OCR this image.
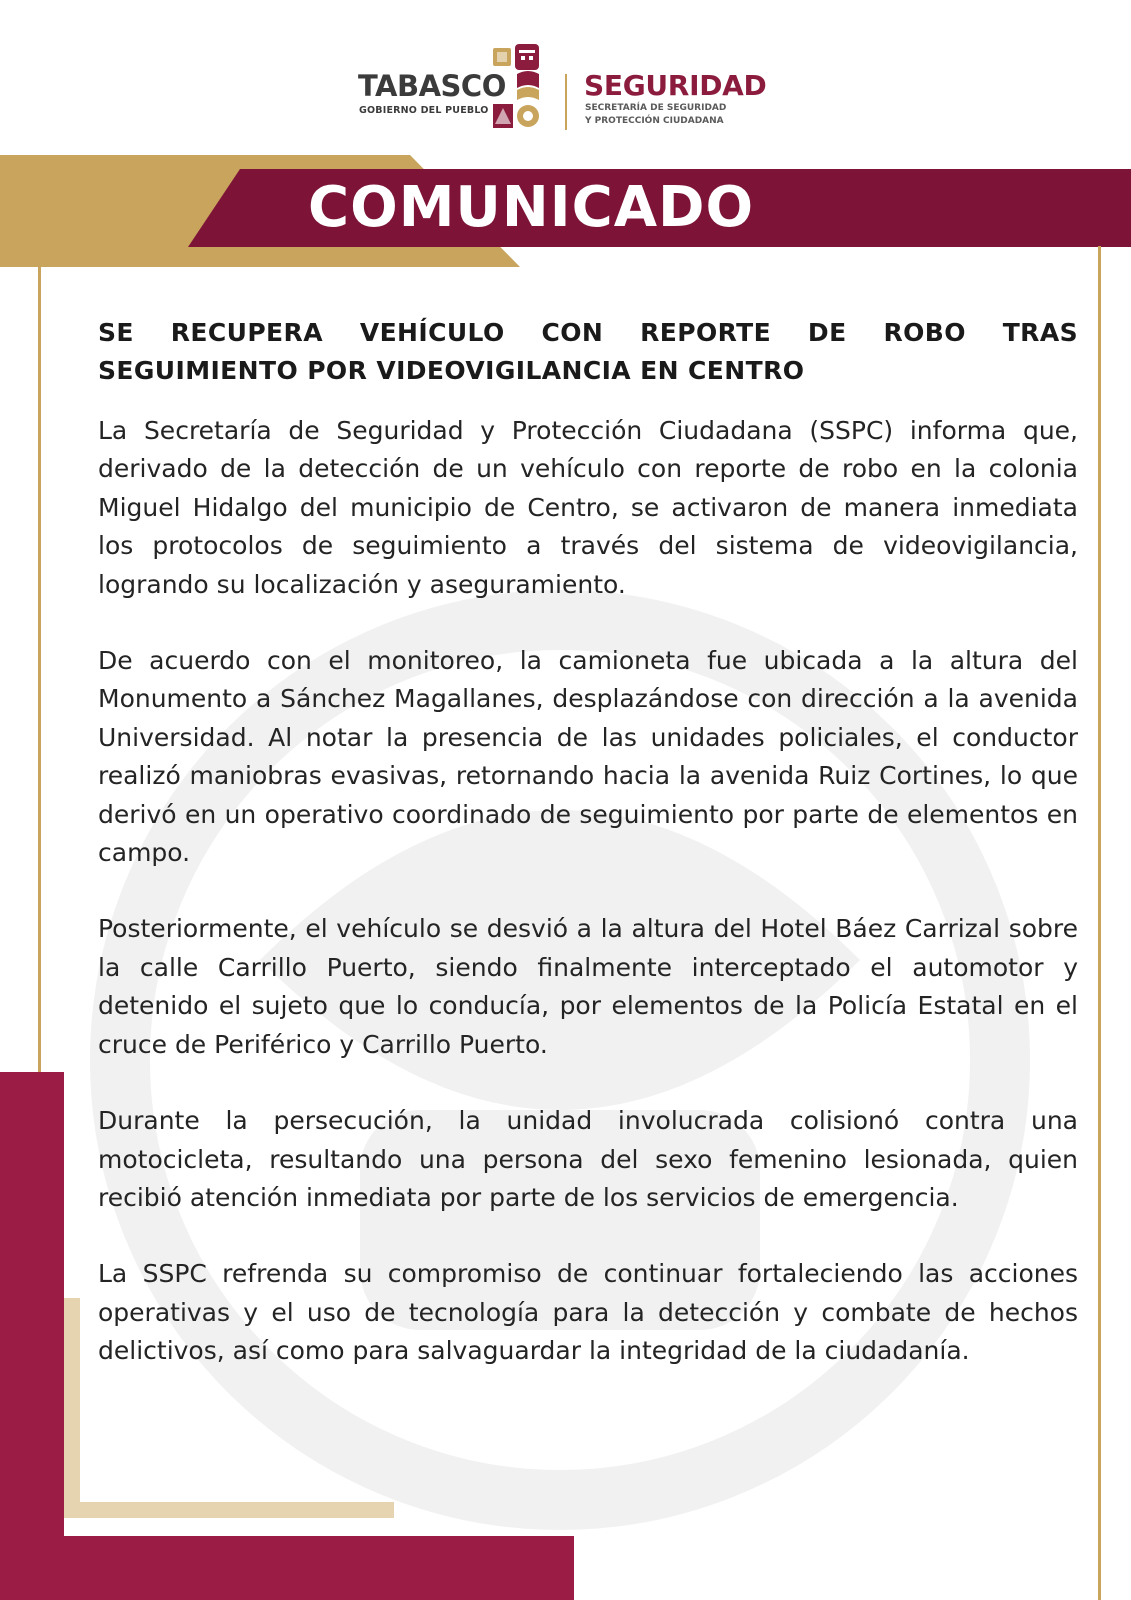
TABASCO
GOBIERNO DEL PUEBLO
SEGURIDAD
SECRETARÍA DE SEGURIDAD
Y PROTECCIÓN CIUDADANA
COMUNICADO

SE RECUPERA VEHÍCULO CON REPORTE DE ROBO TRAS SEGUIMIENTO POR VIDEOVIGILANCIA EN CENTRO

La Secretaría de Seguridad y Protección Ciudadana (SSPC) informa que, derivado de la detección de un vehículo con reporte de robo en la colonia Miguel Hidalgo del municipio de Centro, se activaron de manera inmediata los protocolos de seguimiento a través del sistema de videovigilancia, logrando su localización y aseguramiento.

De acuerdo con el monitoreo, la camioneta fue ubicada a la altura del Monumento a Sánchez Magallanes, desplazándose con dirección a la avenida Universidad. Al notar la presencia de las unidades policiales, el conductor realizó maniobras evasivas, retornando hacia la avenida Ruiz Cortines, lo que derivó en un operativo coordinado de seguimiento por parte de elementos en campo.

Posteriormente, el vehículo se desvió a la altura del Hotel Báez Carrizal sobre la calle Carrillo Puerto, siendo finalmente interceptado el automotor y detenido el sujeto que lo conducía, por elementos de la Policía Estatal en el cruce de Periférico y Carrillo Puerto.

Durante la persecución, la unidad involucrada colisionó contra una motocicleta, resultando una persona del sexo femenino lesionada, quien recibió atención inmediata por parte de los servicios de emergencia.

La SSPC refrenda su compromiso de continuar fortaleciendo las acciones operativas y el uso de tecnología para la detección y combate de hechos delictivos, así como para salvaguardar la integridad de la ciudadanía.
